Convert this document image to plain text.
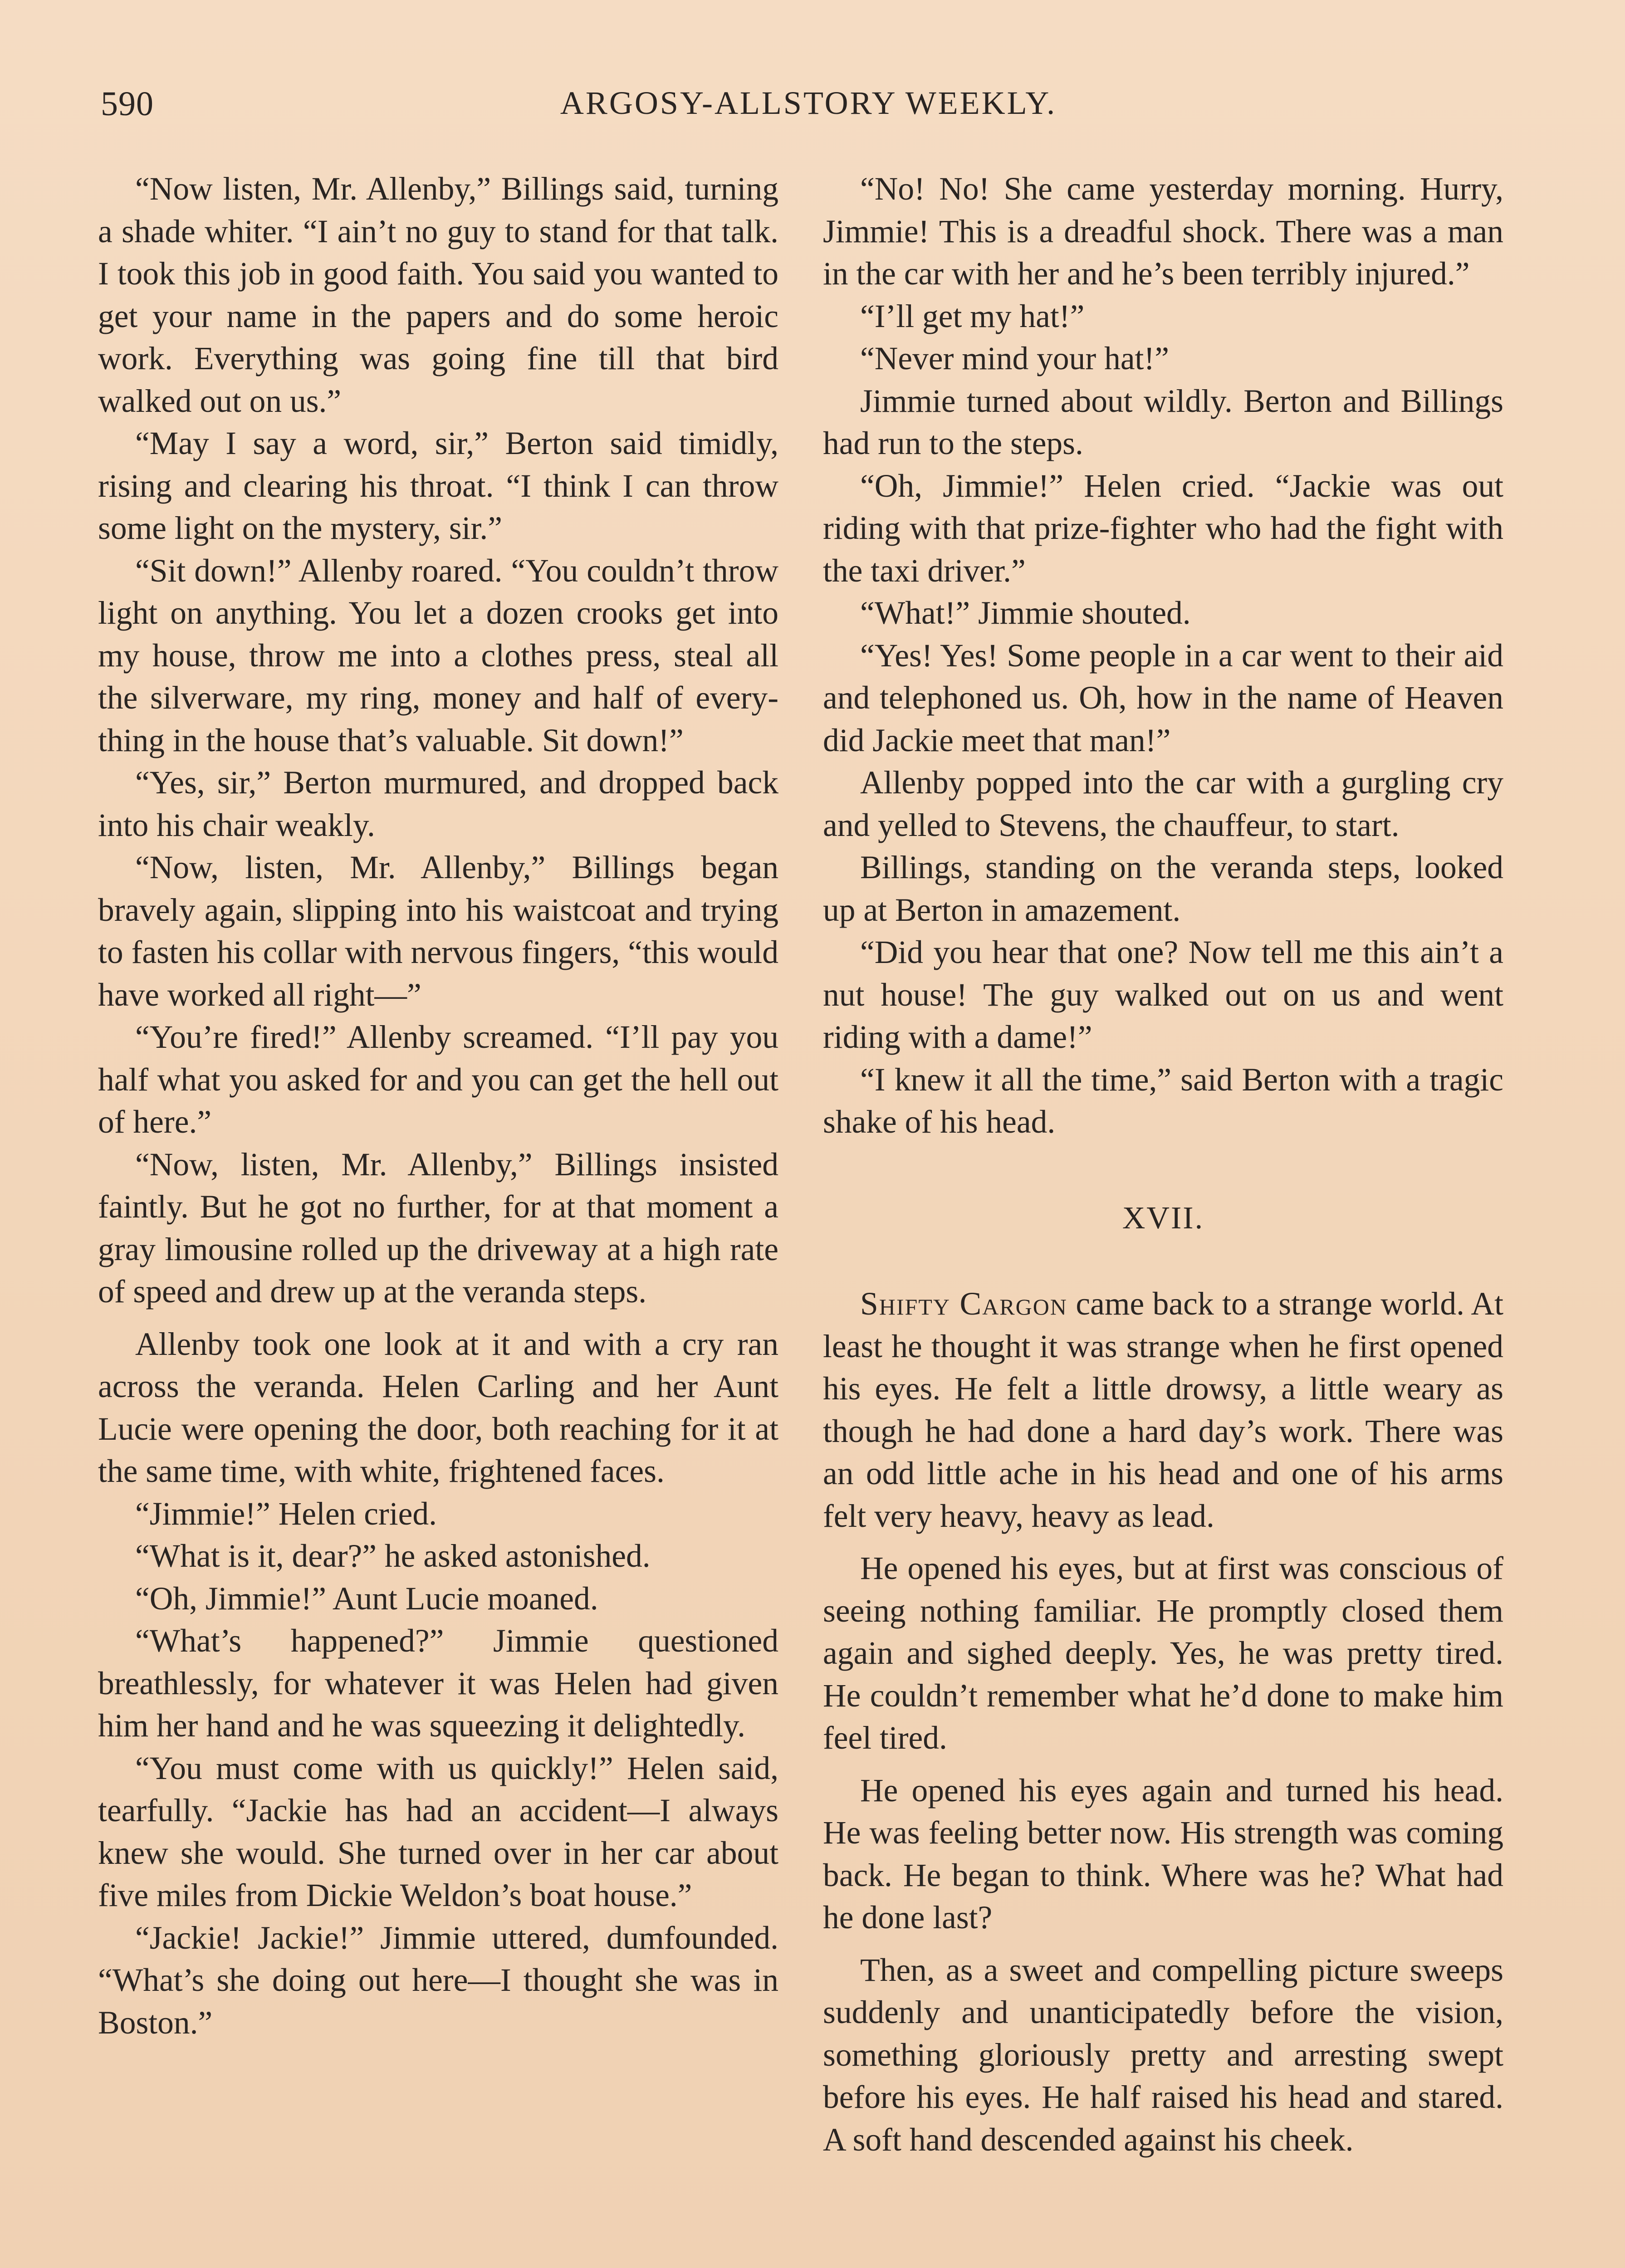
590	ARGOSY-ALLSTORY WEEKLY.

“Now listen, Mr. Allenby,” Billings said, turning a shade whiter. “I ain’t no guy to stand for that talk. I took this job in good faith. You said you wanted to get your name in the papers and do some heroic work. Everything was going fine till that bird walked out on us.”

“May I say a word, sir,” Berton said timidly, rising and clearing his throat. “I think I can throw some light on the mystery, sir.”

“Sit down!” Allenby roared. “You couldn’t throw light on anything. You let a dozen crooks get into my house, throw me into a clothes press, steal all the silverware, my ring, money and half of everything in the house that’s valuable. Sit down!”

“Yes, sir,” Berton murmured, and dropped back into his chair weakly.

“Now, listen, Mr. Allenby,” Billings began bravely again, slipping into his waistcoat and trying to fasten his collar with nervous fingers, “this would have worked all right—”

“You’re fired!” Allenby screamed. “I’ll pay you half what you asked for and you can get the hell out of here.”

“Now, listen, Mr. Allenby,” Billings insisted faintly. But he got no further, for at that moment a gray limousine rolled up the driveway at a high rate of speed and drew up at the veranda steps.

Allenby took one look at it and with a cry ran across the veranda. Helen Carling and her Aunt Lucie were opening the door, both reaching for it at the same time, with white, frightened faces.

“Jimmie!” Helen cried.

“What is it, dear?” he asked astonished.

“Oh, Jimmie!” Aunt Lucie moaned.

“What’s happened?” Jimmie questioned breathlessly, for whatever it was Helen had given him her hand and he was squeezing it delightedly.

“You must come with us quickly!” Helen said, tearfully. “Jackie has had an accident—I always knew she would. She turned over in her car about five miles from Dickie Weldon’s boat house.”

“Jackie! Jackie!” Jimmie uttered, dumfounded. “What’s she doing out here—I thought she was in Boston.”

“No! No! She came yesterday morning. Hurry, Jimmie! This is a dreadful shock. There was a man in the car with her and he’s been terribly injured.”

“I’ll get my hat!”

“Never mind your hat!”

Jimmie turned about wildly. Berton and Billings had run to the steps.

“Oh, Jimmie!” Helen cried. “Jackie was out riding with that prize-fighter who had the fight with the taxi driver.”

“What!” Jimmie shouted.

“Yes! Yes! Some people in a car went to their aid and telephoned us. Oh, how in the name of Heaven did Jackie meet that man!”

Allenby popped into the car with a gurgling cry and yelled to Stevens, the chauffeur, to start.

Billings, standing on the veranda steps, looked up at Berton in amazement.

“Did you hear that one? Now tell me this ain’t a nut house! The guy walked out on us and went riding with a dame!”

“I knew it all the time,” said Berton with a tragic shake of his head.

XVII.

Shifty Cargon came back to a strange world. At least he thought it was strange when he first opened his eyes. He felt a little drowsy, a little weary as though he had done a hard day’s work. There was an odd little ache in his head and one of his arms felt very heavy, heavy as lead.

He opened his eyes, but at first was conscious of seeing nothing familiar. He promptly closed them again and sighed deeply. Yes, he was pretty tired. He couldn’t remember what he’d done to make him feel tired.

He opened his eyes again and turned his head. He was feeling better now. His strength was coming back. He began to think. Where was he? What had he done last?

Then, as a sweet and compelling picture sweeps suddenly and unanticipatedly before the vision, something gloriously pretty and arresting swept before his eyes. He half raised his head and stared. A soft hand descended against his cheek.
